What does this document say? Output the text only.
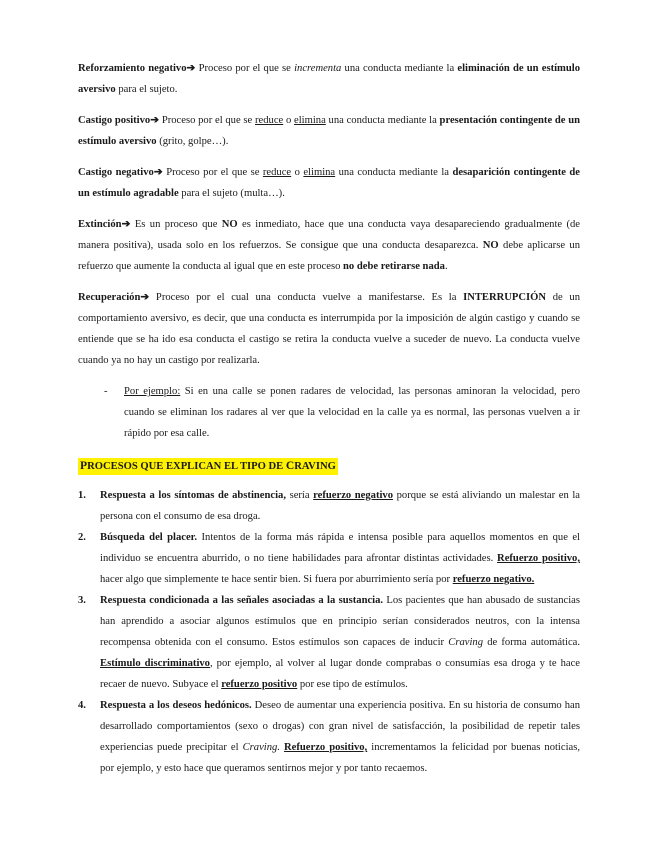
Reforzamiento negativo➔ Proceso por el que se incrementa una conducta mediante la eliminación de un estímulo aversivo para el sujeto.

Castigo positivo➔ Proceso por el que se reduce o elimina una conducta mediante la presentación contingente de un estímulo aversivo (grito, golpe…).

Castigo negativo➔ Proceso por el que se reduce o elimina una conducta mediante la desaparición contingente de un estímulo agradable para el sujeto (multa…).

Extinción➔ Es un proceso que NO es inmediato, hace que una conducta vaya desapareciendo gradualmente (de manera positiva), usada solo en los refuerzos. Se consigue que una conducta desaparezca. NO debe aplicarse un refuerzo que aumente la conducta al igual que en este proceso no debe retirarse nada.

Recuperación➔ Proceso por el cual una conducta vuelve a manifestarse. Es la INTERRUPCIÓN de un comportamiento aversivo, es decir, que una conducta es interrumpida por la imposición de algún castigo y cuando se entiende que se ha ido esa conducta el castigo se retira la conducta vuelve a suceder de nuevo. La conducta vuelve cuando ya no hay un castigo por realizarla.

-	Por ejemplo: Si en una calle se ponen radares de velocidad, las personas aminoran la velocidad, pero cuando se eliminan los radares al ver que la velocidad en la calle ya es normal, las personas vuelven a ir rápido por esa calle.

PROCESOS QUE EXPLICAN EL TIPO DE CRAVING
1.	Respuesta a los síntomas de abstinencia, sería refuerzo negativo porque se está aliviando un malestar en la persona con el consumo de esa droga.

2.	Búsqueda del placer. Intentos de la forma más rápida e intensa posible para aquellos momentos en que el individuo se encuentra aburrido, o no tiene habilidades para afrontar distintas actividades. Refuerzo positivo, hacer algo que simplemente te hace sentir bien. Si fuera por aburrimiento sería por refuerzo negativo.

3.	Respuesta condicionada a las señales asociadas a la sustancia. Los pacientes que han abusado de sustancias han aprendido a asociar algunos estímulos que en principio serían considerados neutros, con la intensa recompensa obtenida con el consumo. Estos estímulos son capaces de inducir Craving de forma automática. Estímulo discriminativo, por ejemplo, al volver al lugar donde comprabas o consumías esa droga y te hace recaer de nuevo. Subyace el refuerzo positivo por ese tipo de estímulos.

4.	Respuesta a los deseos hedónicos. Deseo de aumentar una experiencia positiva. En su historia de consumo han desarrollado comportamientos (sexo o drogas) con gran nivel de satisfacción, la posibilidad de repetir tales experiencias puede precipitar el Craving. Refuerzo positivo, incrementamos la felicidad por buenas noticias, por ejemplo, y esto hace que queramos sentirnos mejor y por tanto recaemos.
